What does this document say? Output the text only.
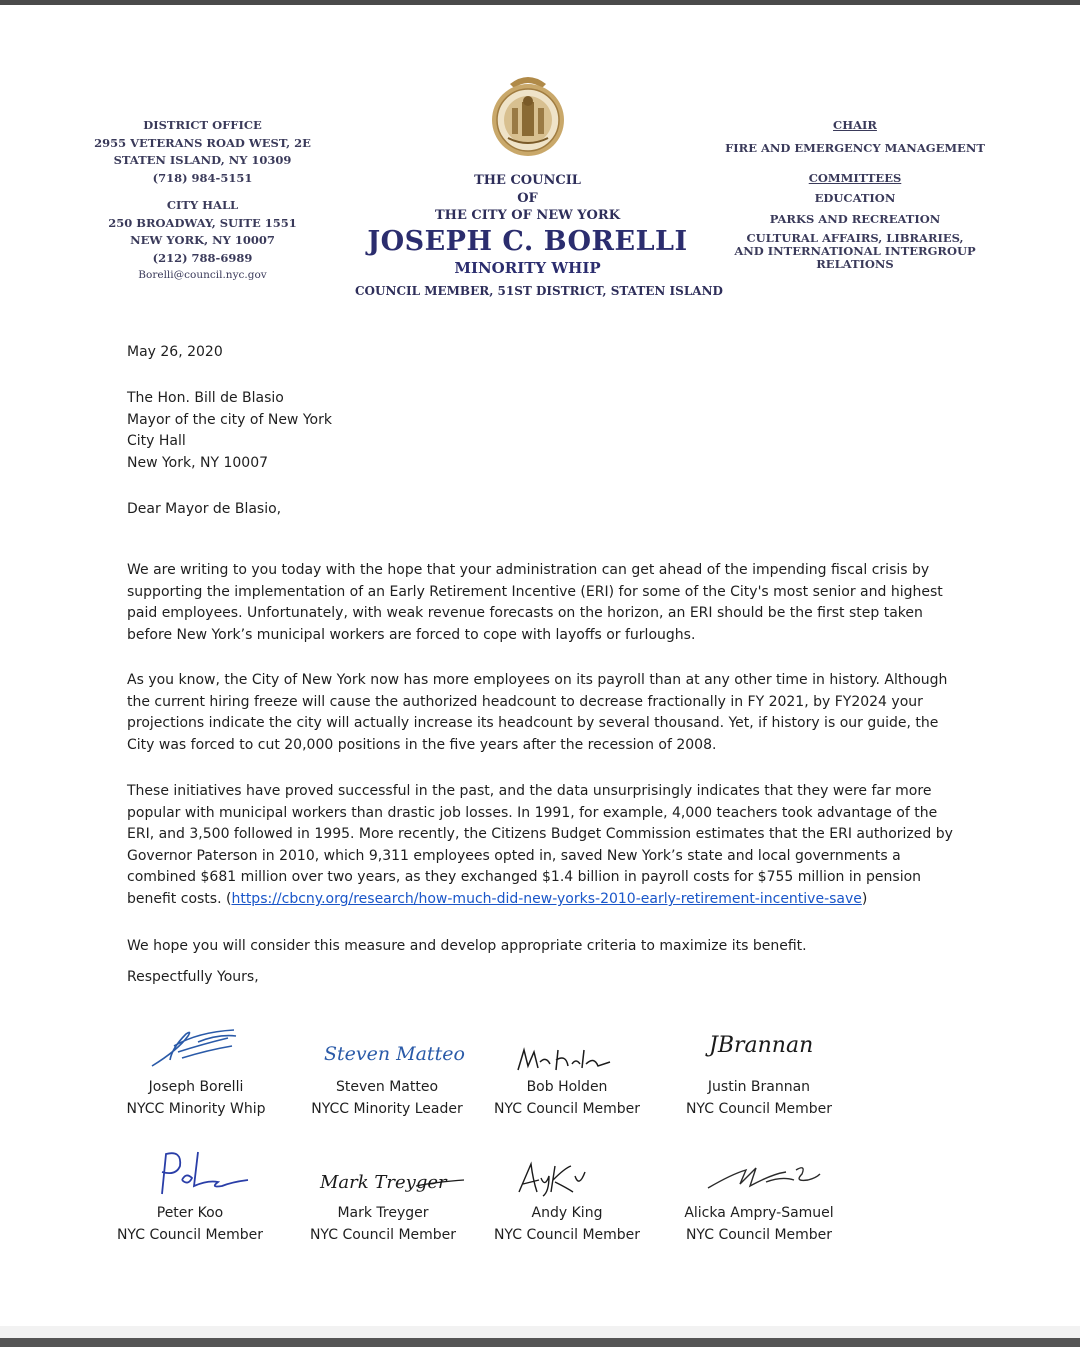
DISTRICT OFFICE
2955 VETERANS ROAD WEST, 2E
STATEN ISLAND, NY 10309
(718) 984-5151
CITY HALL
250 BROADWAY, SUITE 1551
NEW YORK, NY 10007
(212) 788-6989
Borelli@council.nyc.gov
THE COUNCIL
OF
THE CITY OF NEW YORK
JOSEPH C. BORELLI
MINORITY WHIP
COUNCIL MEMBER, 51ST DISTRICT, STATEN ISLAND
CHAIR
FIRE AND EMERGENCY MANAGEMENT
COMMITTEES
EDUCATION
PARKS AND RECREATION
CULTURAL AFFAIRS, LIBRARIES,
AND INTERNATIONAL INTERGROUP
RELATIONS
May 26, 2020
The Hon. Bill de Blasio
Mayor of the city of New York
City Hall
New York, NY 10007
Dear Mayor de Blasio,

We are writing to you today with the hope that your administration can get ahead of the impending fiscal crisis by supporting the implementation of an Early Retirement Incentive (ERI) for some of the City's most senior and highest paid employees. Unfortunately, with weak revenue forecasts on the horizon, an ERI should be the first step taken before New York’s municipal workers are forced to cope with layoffs or furloughs.

As you know, the City of New York now has more employees on its payroll than at any other time in history. Although the current hiring freeze will cause the authorized headcount to decrease fractionally in FY 2021, by FY2024 your projections indicate the city will actually increase its headcount by several thousand. Yet, if history is our guide, the City was forced to cut 20,000 positions in the five years after the recession of 2008.

These initiatives have proved successful in the past, and the data unsurprisingly indicates that they were far more popular with municipal workers than drastic job losses. In 1991, for example, 4,000 teachers took advantage of the ERI, and 3,500 followed in 1995. More recently, the Citizens Budget Commission estimates that the ERI authorized by Governor Paterson in 2010, which 9,311 employees opted in, saved New York’s state and local governments a combined $681 million over two years, as they exchanged $1.4 billion in payroll costs for $755 million in pension benefit costs. (https://cbcny.org/research/how-much-did-new-yorks-2010-early-retirement-incentive-save)

We hope you will consider this measure and develop appropriate criteria to maximize its benefit.

Respectfully Yours,
Steven Matteo	JBrannan
Joseph Borelli
NYCC Minority Whip
Steven Matteo
NYCC Minority Leader
Bob Holden
NYC Council Member
Justin Brannan
NYC Council Member
Mark Treyger
Peter Koo
NYC Council Member
Mark Treyger
NYC Council Member
Andy King
NYC Council Member
Alicka Ampry-Samuel
NYC Council Member
